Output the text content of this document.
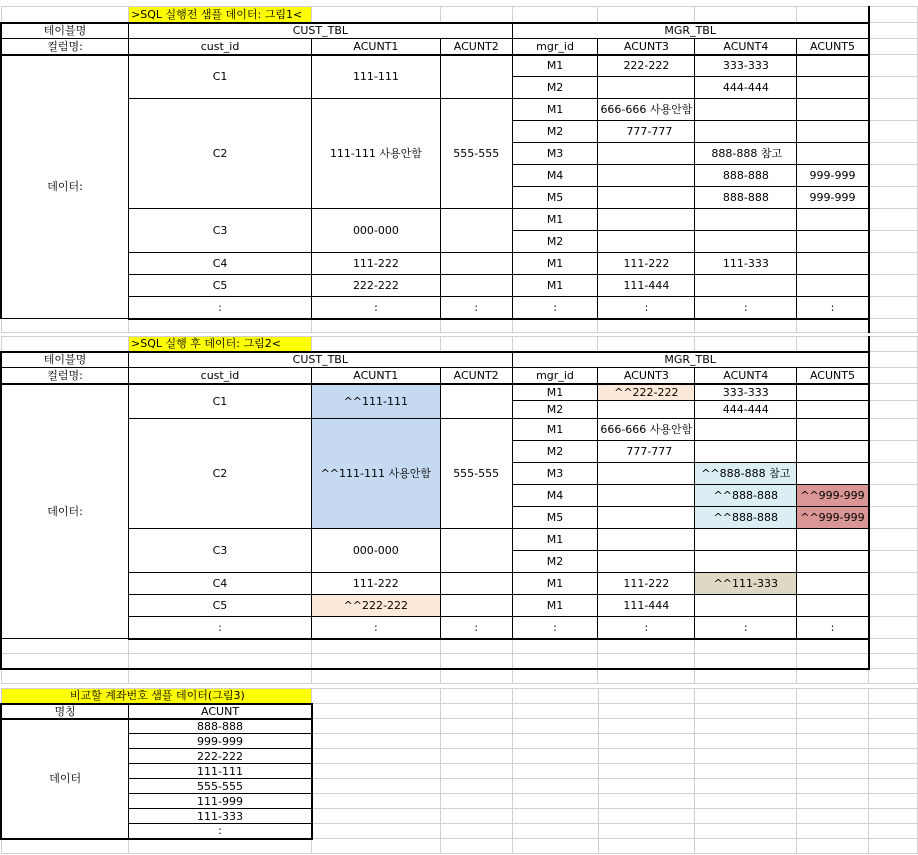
	>SQL 실행전 샘플 데이터: 그림1<							
테이블명	CUST_TBL			MGR_TBL				
컬럼명:	cust_id	ACUNT1	ACUNT2	mgr_id	ACUNT3	ACUNT4	ACUNT5	
데이터:	C1	111-111		M1	222-222	333-333		
				M2		444-444		
	C2	111-111 사용안함	555-555	M1	666-666 사용안함			
				M2	777-777			
				M3		888-888 참고		
				M4		888-888	999-999	
				M5		888-888	999-999	
	C3	000-000		M1				
				M2				
	C4	111-222		M1	111-222	111-333		
	C5	222-222		M1	111-444			
	:	:	:	:	:	:	:	

	>SQL 실행 후 데이터: 그림2<							
테이블명	CUST_TBL			MGR_TBL				
컬럼명:	cust_id	ACUNT1	ACUNT2	mgr_id	ACUNT3	ACUNT4	ACUNT5	
데이터:	C1	^^111-111		M1	^^222-222	333-333		
				M2		444-444		
	C2	^^111-111 사용안함	555-555	M1	666-666 사용안함			
				M2	777-777			
				M3		^^888-888 참고		
				M4		^^888-888	^^999-999	
				M5		^^888-888	^^999-999	
	C3	000-000		M1				
				M2				
	C4	111-222		M1	111-222	^^111-333		
	C5	^^222-222		M1	111-444			
	:	:	:	:	:	:	:	

비교할 계좌번호 샘플 데이터(그림3)								
명칭	ACUNT							
데이터	888-888							
	999-999							
	222-222							
	111-111							
	555-555							
	111-999							
	111-333							
	:							
